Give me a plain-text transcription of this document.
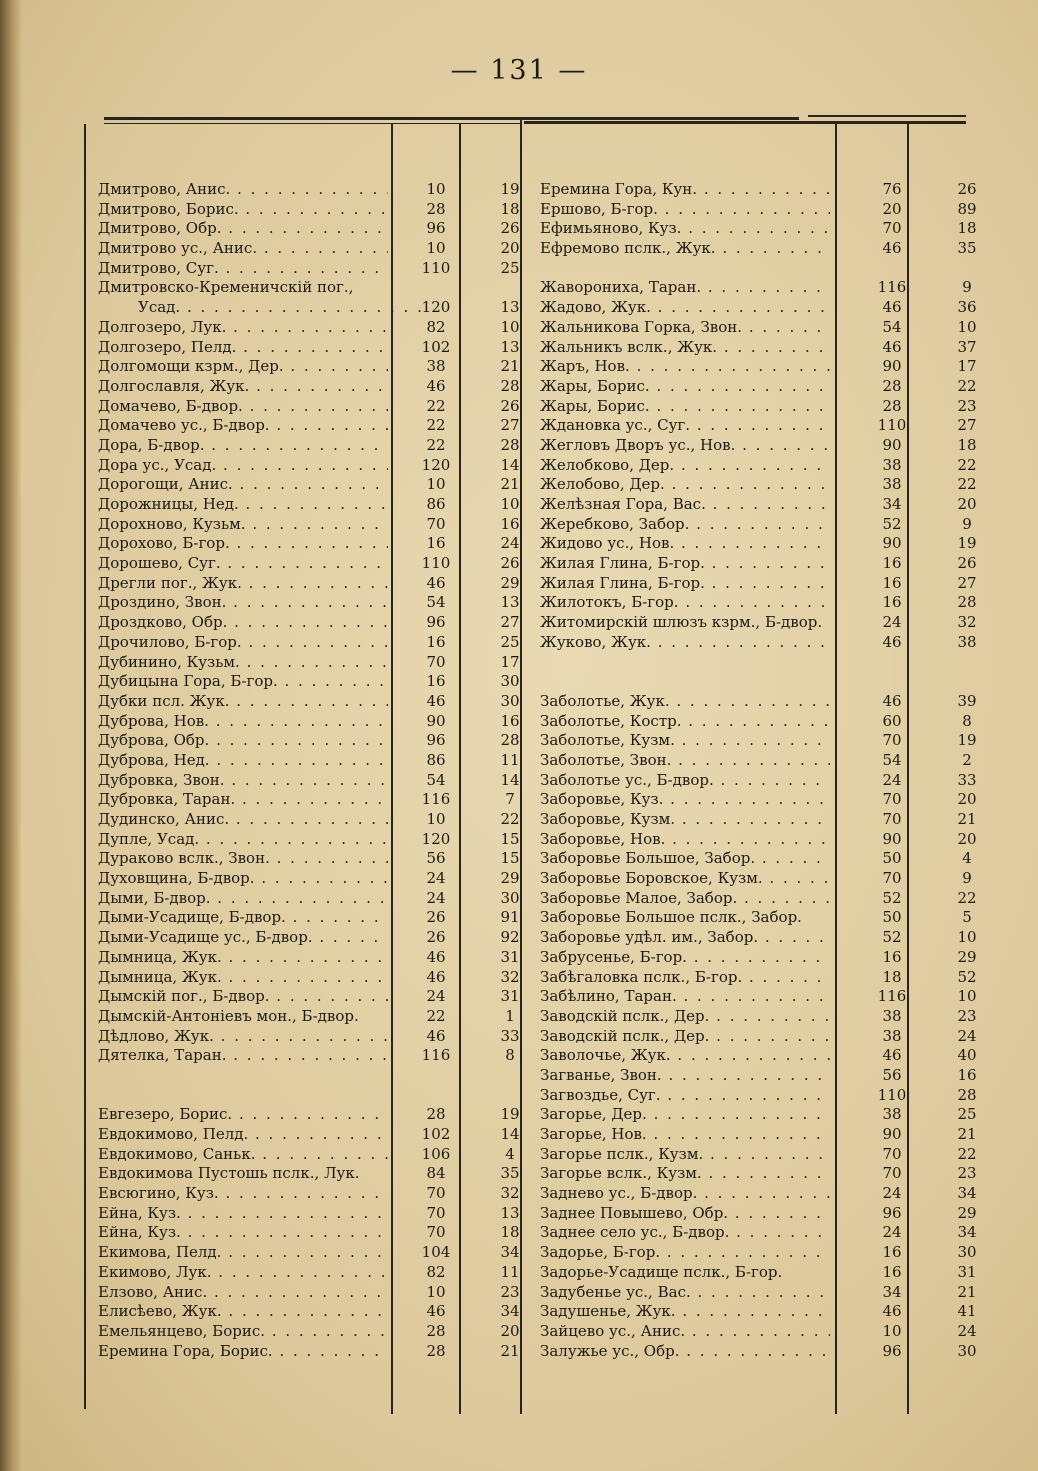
— 131 —
Дмитрово, Анис. . . .	10	19
Дмитрово, Борис. . . .	28	18
Дмитрово, Обр. . . .	96	26
Дмитрово ус., Анис. . . .	10	20
Дмитрово, Суг. . . .	110	25
Дмитровско-Кременичскій пог.,
Усад. . . .	120	13
Долгозеро, Лук. . . .	82	10
Долгозеро, Пелд. . . .	102	13
Долгомощи кзрм., Дер. . . .	38	21
Долгославля, Жук. . . .	46	28
Домачево, Б-двор. . . .	22	26
Домачево ус., Б-двор. . . .	22	27
Дора, Б-двор. . . .	22	28
Дора ус., Усад. . . .	120	14
Дорогощи, Анис. . . .	10	21
Дорожницы, Нед. . . .	86	10
Дорохново, Кузьм. . . .	70	16
Дорохово, Б-гор. . . .	16	24
Дорошево, Суг. . . .	110	26
Дрегли пог., Жук. . . .	46	29
Дроздино, Звон. . . .	54	13
Дроздково, Обр. . . .	96	27
Дрочилово, Б-гор. . . .	16	25
Дубинино, Кузьм. . . .	70	17
Дубицына Гора, Б-гор. . . .	16	30
Дубки пcл. Жук. . . .	46	30
Дуброва, Нов. . . .	90	16
Дуброва, Обр. . . .	96	28
Дуброва, Нед. . . .	86	11
Дубровка, Звон. . . .	54	14
Дубровка, Таран. . . .	116	7
Дудинско, Анис. . . .	10	22
Дупле, Усад. . . .	120	15
Дураково вслк., Звон. . . .	56	15
Духовщина, Б-двор. . . .	24	29
Дыми, Б-двор. . . .	24	30
Дыми-Усадище, Б-двор. . . .	26	91
Дыми-Усадище ус., Б-двор. . . .	26	92
Дымница, Жук. . . .	46	31
Дымница, Жук. . . .	46	32
Дымскій пог., Б-двор. . . .	24	31
Дымскій-Антоніевъ мон., Б-двор.	22	1
Дѣдлово, Жук. . . .	46	33
Дятелка, Таран. . . .	116	8
Евгезеро, Борис. . . .	28	19
Евдокимово, Пелд. . . .	102	14
Евдокимово, Саньк. . . .	106	4
Евдокимова Пустошь пслк., Лук.	84	35
Евсюгино, Куз. . . .	70	32
Ейна, Куз. . . .	70	13
Ейна, Куз. . . .	70	18
Екимова, Пелд. . . .	104	34
Екимово, Лук. . . .	82	11
Елзово, Анис. . . .	10	23
Елисѣево, Жук. . . .	46	34
Емельянцево, Борис. . . .	28	20
Еремина Гора, Борис. . . .	28	21
Еремина Гора, Кун. . . .	76	26
Ершово, Б-гор. . . .	20	89
Ефимьяново, Куз. . . .	70	18
Ефремово пслк., Жук. . . .	46	35
Жаворониха, Таран. . . .	116	9
Жадово, Жук. . . .	46	36
Жальникова Горка, Звон. . . .	54	10
Жальникъ вслк., Жук. . . .	46	37
Жаръ, Нов. . . .	90	17
Жары, Борис. . . .	28	22
Жары, Борис. . . .	28	23
Ждановка ус., Суг. . . .	110	27
Жегловъ Дворъ ус., Нов. . . .	90	18
Желобково, Дер. . . .	38	22
Желобово, Дер. . . .	38	22
Желѣзная Гора, Вас. . . .	34	20
Жеребково, Забор. . . .	52	9
Жидово ус., Нов. . . .	90	19
Жилая Глина, Б-гор. . . .	16	26
Жилая Глина, Б-гор. . . .	16	27
Жилотокъ, Б-гор. . . .	16	28
Житомирскій шлюзъ кзрм., Б-двор.	24	32
Жуково, Жук. . . .	46	38
Заболотье, Жук. . . .	46	39
Заболотье, Костр. . . .	60	8
Заболотье, Кузм. . . .	70	19
Заболотье, Звон. . . .	54	2
Заболотье ус., Б-двор. . . .	24	33
Заборовье, Куз. . . .	70	20
Заборовье, Кузм. . . .	70	21
Заборовье, Нов. . . .	90	20
Заборовье Большое, Забор. . . .	50	4
Заборовье Боровское, Кузм. . . .	70	9
Заборовье Малое, Забор. . . .	52	22
Заборовье Большое пслк., Забор.	50	5
Заборовье удѣл. им., Забор. . . .	52	10
Забрусенье, Б-гор. . . .	16	29
Забѣгаловка пслк., Б-гор. . . .	18	52
Забѣлино, Таран. . . .	116	10
Заводскій пслк., Дер. . . .	38	23
Заводскій пслк., Дер. . . .	38	24
Заволочье, Жук. . . .	46	40
Загванье, Звон. . . .	56	16
Загвоздье, Суг. . . .	110	28
Загорье, Дер. . . .	38	25
Загорье, Нов. . . .	90	21
Загорье пслк., Кузм. . . .	70	22
Загорье вслк., Кузм. . . .	70	23
Заднево ус., Б-двор. . . .	24	34
Заднее Повышево, Обр. . . .	96	29
Заднее село ус., Б-двор. . . .	24	34
Задорье, Б-гор. . . .	16	30
Задорье-Усадище пслк., Б-гор.	16	31
Задубенье ус., Вас. . . .	34	21
Задушенье, Жук. . . .	46	41
Зайцево ус., Анис. . . .	10	24
Залужье ус., Обр. . . .	96	30
